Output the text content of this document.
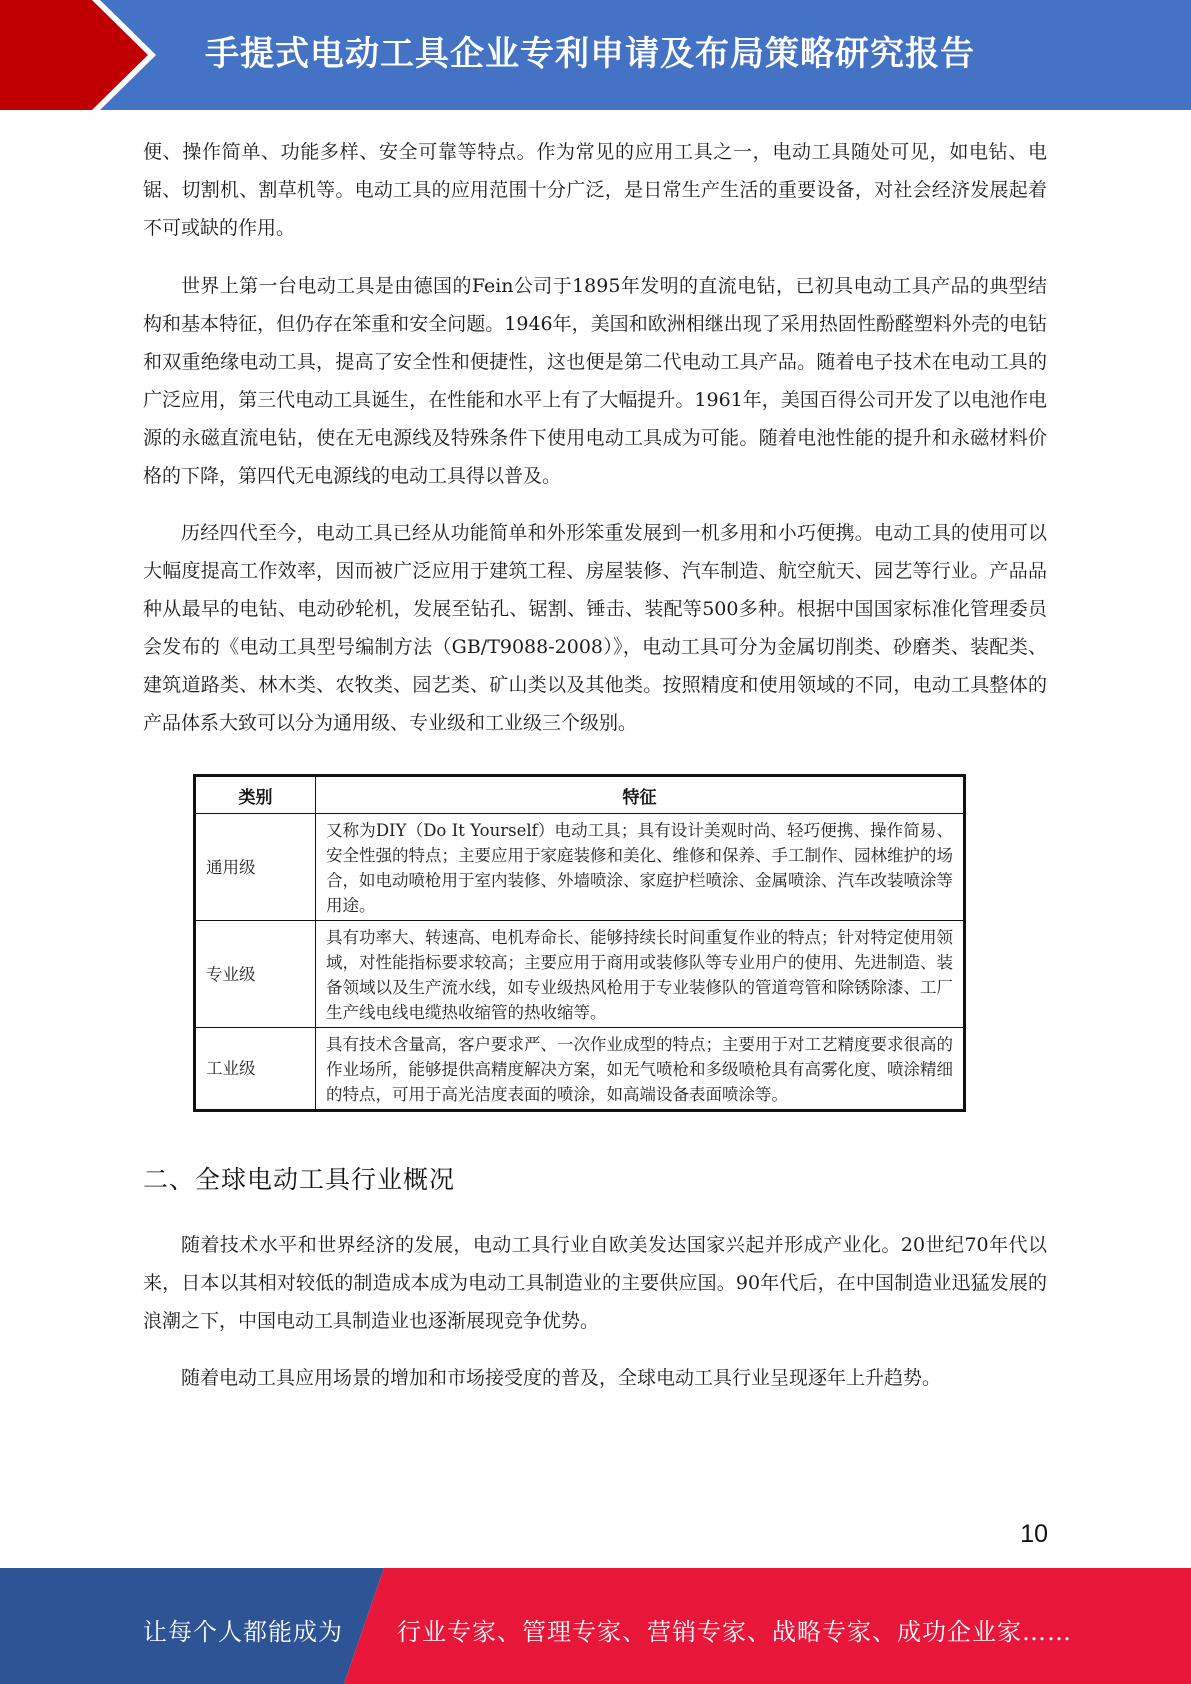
手提式电动工具企业专利申请及布局策略研究报告

便、操作简单、功能多样、安全可靠等特点。作为常见的应用工具之一，电动工具随处可见，如电钻、电锯、切割机、割草机等。电动工具的应用范围十分广泛，是日常生产生活的重要设备，对社会经济发展起着不可或缺的作用。

世界上第一台电动工具是由德国的Fein公司于1895年发明的直流电钻，已初具电动工具产品的典型结构和基本特征，但仍存在笨重和安全问题。1946年，美国和欧洲相继出现了采用热固性酚醛塑料外壳的电钻和双重绝缘电动工具，提高了安全性和便捷性，这也便是第二代电动工具产品。随着电子技术在电动工具的广泛应用，第三代电动工具诞生，在性能和水平上有了大幅提升。1961年，美国百得公司开发了以电池作电源的永磁直流电钻，使在无电源线及特殊条件下使用电动工具成为可能。随着电池性能的提升和永磁材料价格的下降，第四代无电源线的电动工具得以普及。

历经四代至今，电动工具已经从功能简单和外形笨重发展到一机多用和小巧便携。电动工具的使用可以大幅度提高工作效率，因而被广泛应用于建筑工程、房屋装修、汽车制造、航空航天、园艺等行业。产品品种从最早的电钻、电动砂轮机，发展至钻孔、锯割、锤击、装配等500多种。根据中国国家标准化管理委员会发布的《电动工具型号编制方法（GB/T9088-2008）》，电动工具可分为金属切削类、砂磨类、装配类、建筑道路类、林木类、农牧类、园艺类、矿山类以及其他类。按照精度和使用领域的不同，电动工具整体的产品体系大致可以分为通用级、专业级和工业级三个级别。

类别	特征
通用级	又称为DIY（Do It Yourself）电动工具；具有设计美观时尚、轻巧便携、操作简易、安全性强的特点；主要应用于家庭装修和美化、维修和保养、手工制作、园林维护的场合，如电动喷枪用于室内装修、外墙喷涂、家庭护栏喷涂、金属喷涂、汽车改装喷涂等用途。
专业级	具有功率大、转速高、电机寿命长、能够持续长时间重复作业的特点；针对特定使用领域，对性能指标要求较高；主要应用于商用或装修队等专业用户的使用、先进制造、装备领域以及生产流水线，如专业级热风枪用于专业装修队的管道弯管和除锈除漆、工厂生产线电线电缆热收缩管的热收缩等。
工业级	具有技术含量高，客户要求严、一次作业成型的特点；主要用于对工艺精度要求很高的作业场所，能够提供高精度解决方案，如无气喷枪和多级喷枪具有高雾化度、喷涂精细的特点，可用于高光洁度表面的喷涂，如高端设备表面喷涂等。
二、全球电动工具行业概况

随着技术水平和世界经济的发展，电动工具行业自欧美发达国家兴起并形成产业化。20世纪70年代以来，日本以其相对较低的制造成本成为电动工具制造业的主要供应国。90年代后，在中国制造业迅猛发展的浪潮之下，中国电动工具制造业也逐渐展现竞争优势。

随着电动工具应用场景的增加和市场接受度的普及，全球电动工具行业呈现逐年上升趋势。

10
让每个人都能成为 行业专家、管理专家、营销专家、战略专家、成功企业家……
